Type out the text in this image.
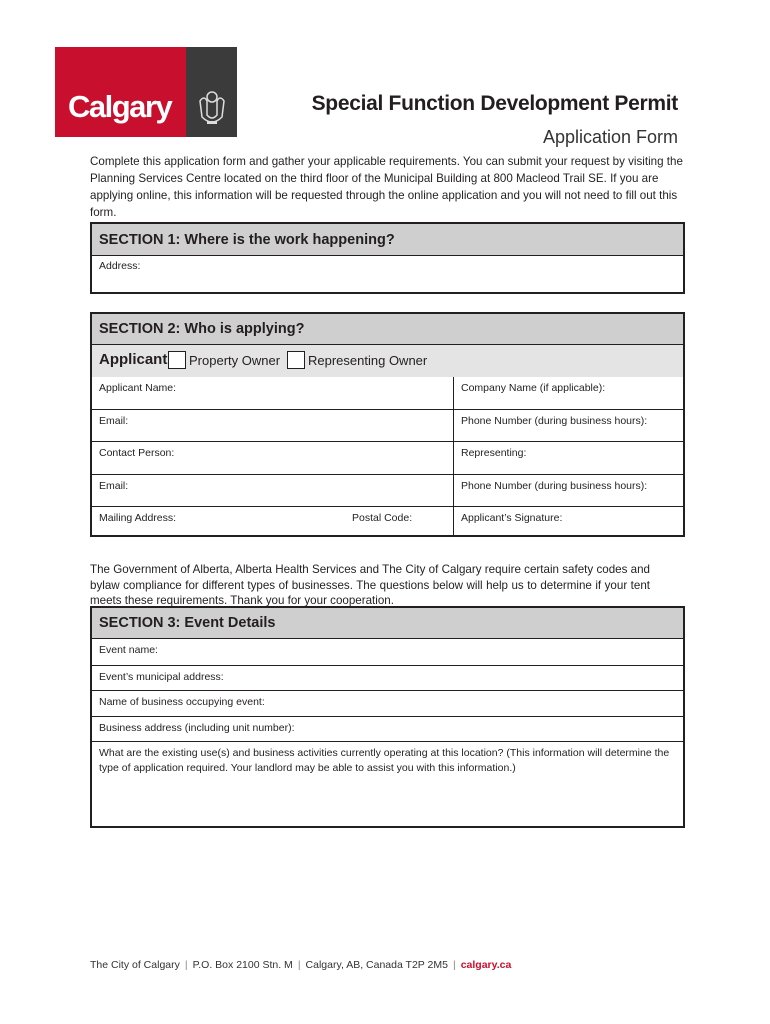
Calgary	Special Function Development Permit
Application Form
Complete this application form and gather your applicable requirements. You can submit your request by visiting the Planning Services Centre located on the third floor of the Municipal Building at 800 Macleod Trail SE. If you are applying online, this information will be requested through the online application and you will not need to fill out this form.
SECTION 1: Where is the work happening?
Address:
SECTION 2: Who is applying?
Applicant Property Owner Representing Owner
Applicant Name:	Company Name (if applicable):
Email:	Phone Number (during business hours):
Contact Person:	Representing:
Email:	Phone Number (during business hours):
Mailing Address:	Postal Code:	Applicant’s Signature:
The Government of Alberta, Alberta Health Services and The City of Calgary require certain safety codes and bylaw compliance for different types of businesses. The questions below will help us to determine if your tent meets these requirements. Thank you for your cooperation.
SECTION 3: Event Details
Event name:
Event’s municipal address:
Name of business occupying event:
Business address (including unit number):
What are the existing use(s) and business activities currently operating at this location? (This information will determine the type of application required. Your landlord may be able to assist you with this information.)
The City of Calgary | P.O. Box 2100 Stn. M | Calgary, AB, Canada T2P 2M5 | calgary.ca
